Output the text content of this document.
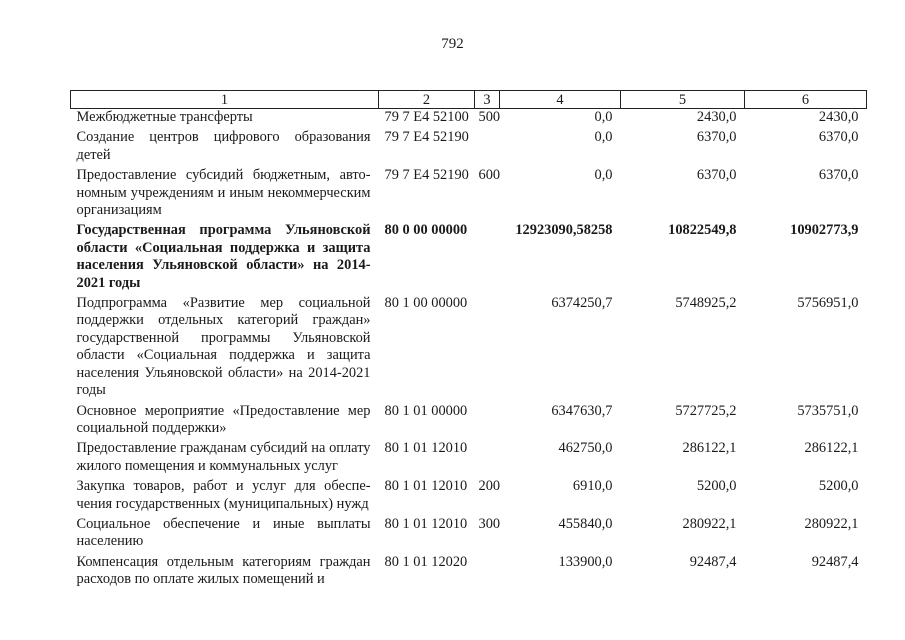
792
1	2	3	4	5	6
Межбюджетные трансферты	79 7 E4 52100	500	0,0	2430,0	2430,0
Создание центров цифрового образования детей	79 7 E4 52190		0,0	6370,0	6370,0
Предоставление субсидий бюджетным, автономным учреждениям и иным некоммерческим организациям	79 7 E4 52190	600	0,0	6370,0	6370,0
Государственная программа Ульяновской области «Социальная поддержка и защита населения Ульяновской области» на 2014-2021 годы	80 0 00 00000		12923090,58258	10822549,8	10902773,9
Подпрограмма «Развитие мер социальной поддержки отдельных категорий граждан» государственной программы Ульяновской области «Социальная поддержка и защита населения Ульяновской области» на 2014-2021 годы	80 1 00 00000		6374250,7	5748925,2	5756951,0
Основное мероприятие «Предоставление мер социальной поддержки»	80 1 01 00000		6347630,7	5727725,2	5735751,0
Предоставление гражданам субсидий на оплату жилого помещения и коммунальных услуг	80 1 01 12010		462750,0	286122,1	286122,1
Закупка товаров, работ и услуг для обеспечения государственных (муниципальных) нужд	80 1 01 12010	200	6910,0	5200,0	5200,0
Социальное обеспечение и иные выплаты населению	80 1 01 12010	300	455840,0	280922,1	280922,1
Компенсация отдельным категориям граждан расходов по оплате жилых помещений и	80 1 01 12020		133900,0	92487,4	92487,4
